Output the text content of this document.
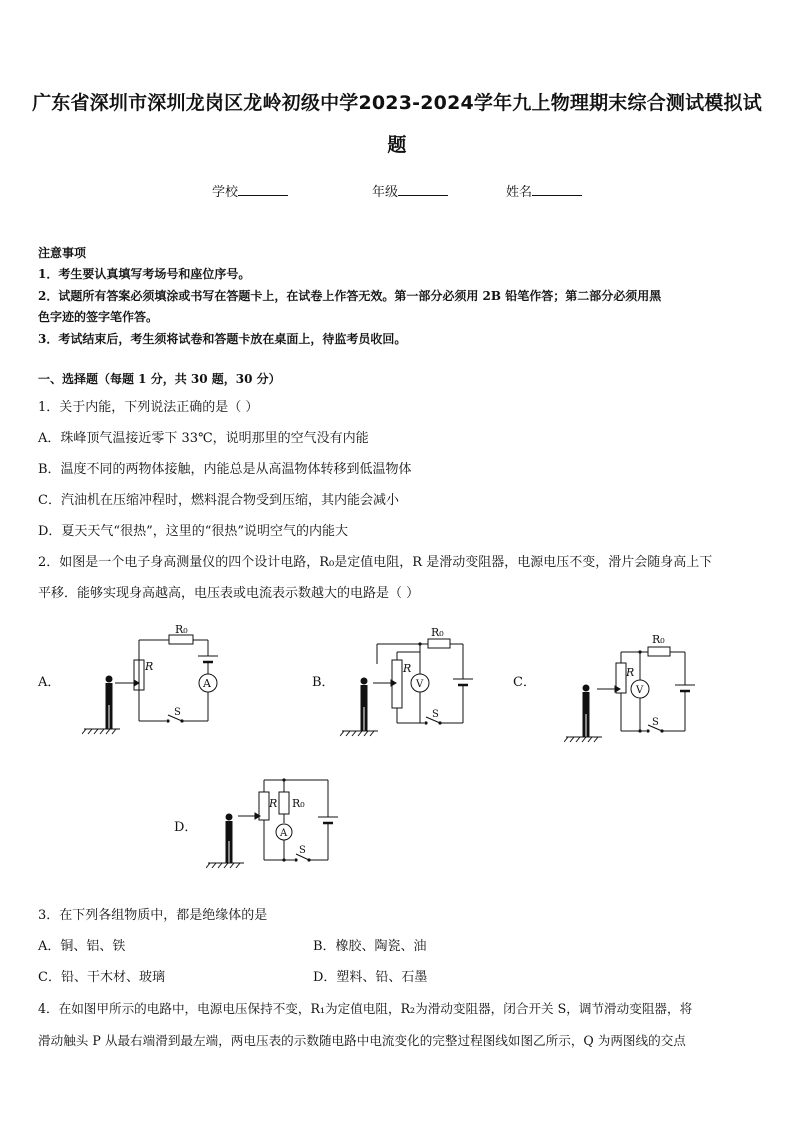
广东省深圳市深圳龙岗区龙岭初级中学2023-2024学年九上物理期末综合测试模拟试
题
学校	年级	姓名
注意事项
1．考生要认真填写考场号和座位序号。
2．试题所有答案必须填涂或书写在答题卡上，在试卷上作答无效。第一部分必须用 2B 铅笔作答；第二部分必须用黑
色字迹的签字笔作答。
3．考试结束后，考生须将试卷和答题卡放在桌面上，待监考员收回。
一、选择题（每题 1 分，共 30 题，30 分）
1．关于内能，下列说法正确的是（ ）
A．珠峰顶气温接近零下 33℃，说明那里的空气没有内能
B．温度不同的两物体接触，内能总是从高温物体转移到低温物体
C．汽油机在压缩冲程时，燃料混合物受到压缩，其内能会减小
D．夏天天气“很热”，这里的“很热”说明空气的内能大
2．如图是一个电子身高测量仪的四个设计电路，R₀是定值电阻，R 是滑动变阻器，电源电压不变，滑片会随身高上下
平移．能够实现身高越高，电压表或电流表示数越大的电路是（ ）
A．	B．	C．
D．
R₀
R
A
S
R₀
R
V
S
R₀
R
V
S
R₀
R
A
S
3．在下列各组物质中，都是绝缘体的是
A．铜、铝、铁	B．橡胶、陶瓷、油
C．铅、干木材、玻璃	D．塑料、铅、石墨
4．在如图甲所示的电路中，电源电压保持不变，R₁为定值电阻，R₂为滑动变阻器，闭合开关 S，调节滑动变阻器，将
滑动触头 P 从最右端滑到最左端，两电压表的示数随电路中电流变化的完整过程图线如图乙所示，Q 为两图线的交点
